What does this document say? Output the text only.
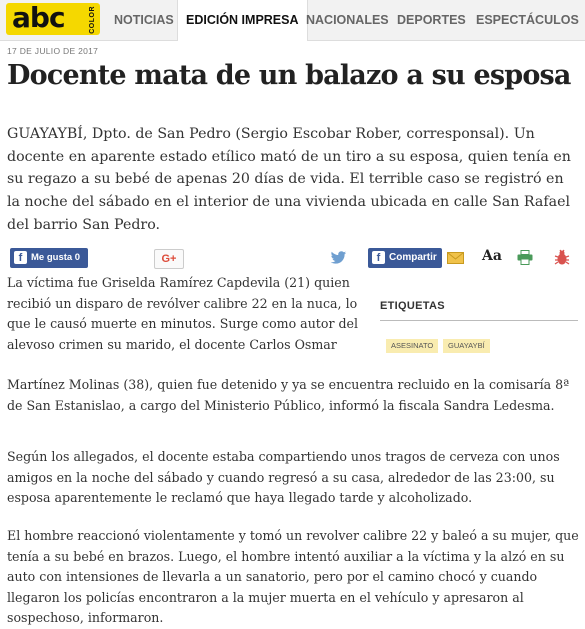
abc	COLOR NOTICIAS EDICIÓN IMPRESA NACIONALES DEPORTES ESPECTÁCULOS
17 DE JULIO DE 2017
Docente mata de un balazo a su esposa
GUAYAYBÍ, Dpto. de San Pedro (Sergio Escobar Rober, corresponsal). Un docente en aparente estado etílico mató de un tiro a su esposa, quien tenía en su regazo a su bebé de apenas 20 días de vida. El terrible caso se registró en la noche del sábado en el interior de una vivienda ubicada en calle San Rafael del barrio San Pedro.
f Me gusta 0	G+	f Compartir	Aa
La víctima fue Griselda Ramírez Capdevila (21) quien recibió un disparo de revólver calibre 22 en la nuca, lo que le causó muerte en minutos. Surge como autor del alevoso crimen su marido, el docente Carlos Osmar
Martínez Molinas (38), quien fue detenido y ya se encuentra recluido en la comisaría 8ª de San Estanislao, a cargo del Ministerio Público, informó la fiscala Sandra Ledesma.
Según los allegados, el docente estaba compartiendo unos tragos de cerveza con unos amigos en la noche del sábado y cuando regresó a su casa, alrededor de las 23:00, su esposa aparentemente le reclamó que haya llegado tarde y alcoholizado.
El hombre reaccionó violentamente y tomó un revolver calibre 22 y baleó a su mujer, que tenía a su bebé en brazos. Luego, el hombre intentó auxiliar a la víctima y la alzó en su auto con intensiones de llevarla a un sanatorio, pero por el camino chocó y cuando llegaron los policías encontraron a la mujer muerta en el vehículo y apresaron al sospechoso, informaron.
ETIQUETAS
ASESINATO	GUAYAYBÍ
